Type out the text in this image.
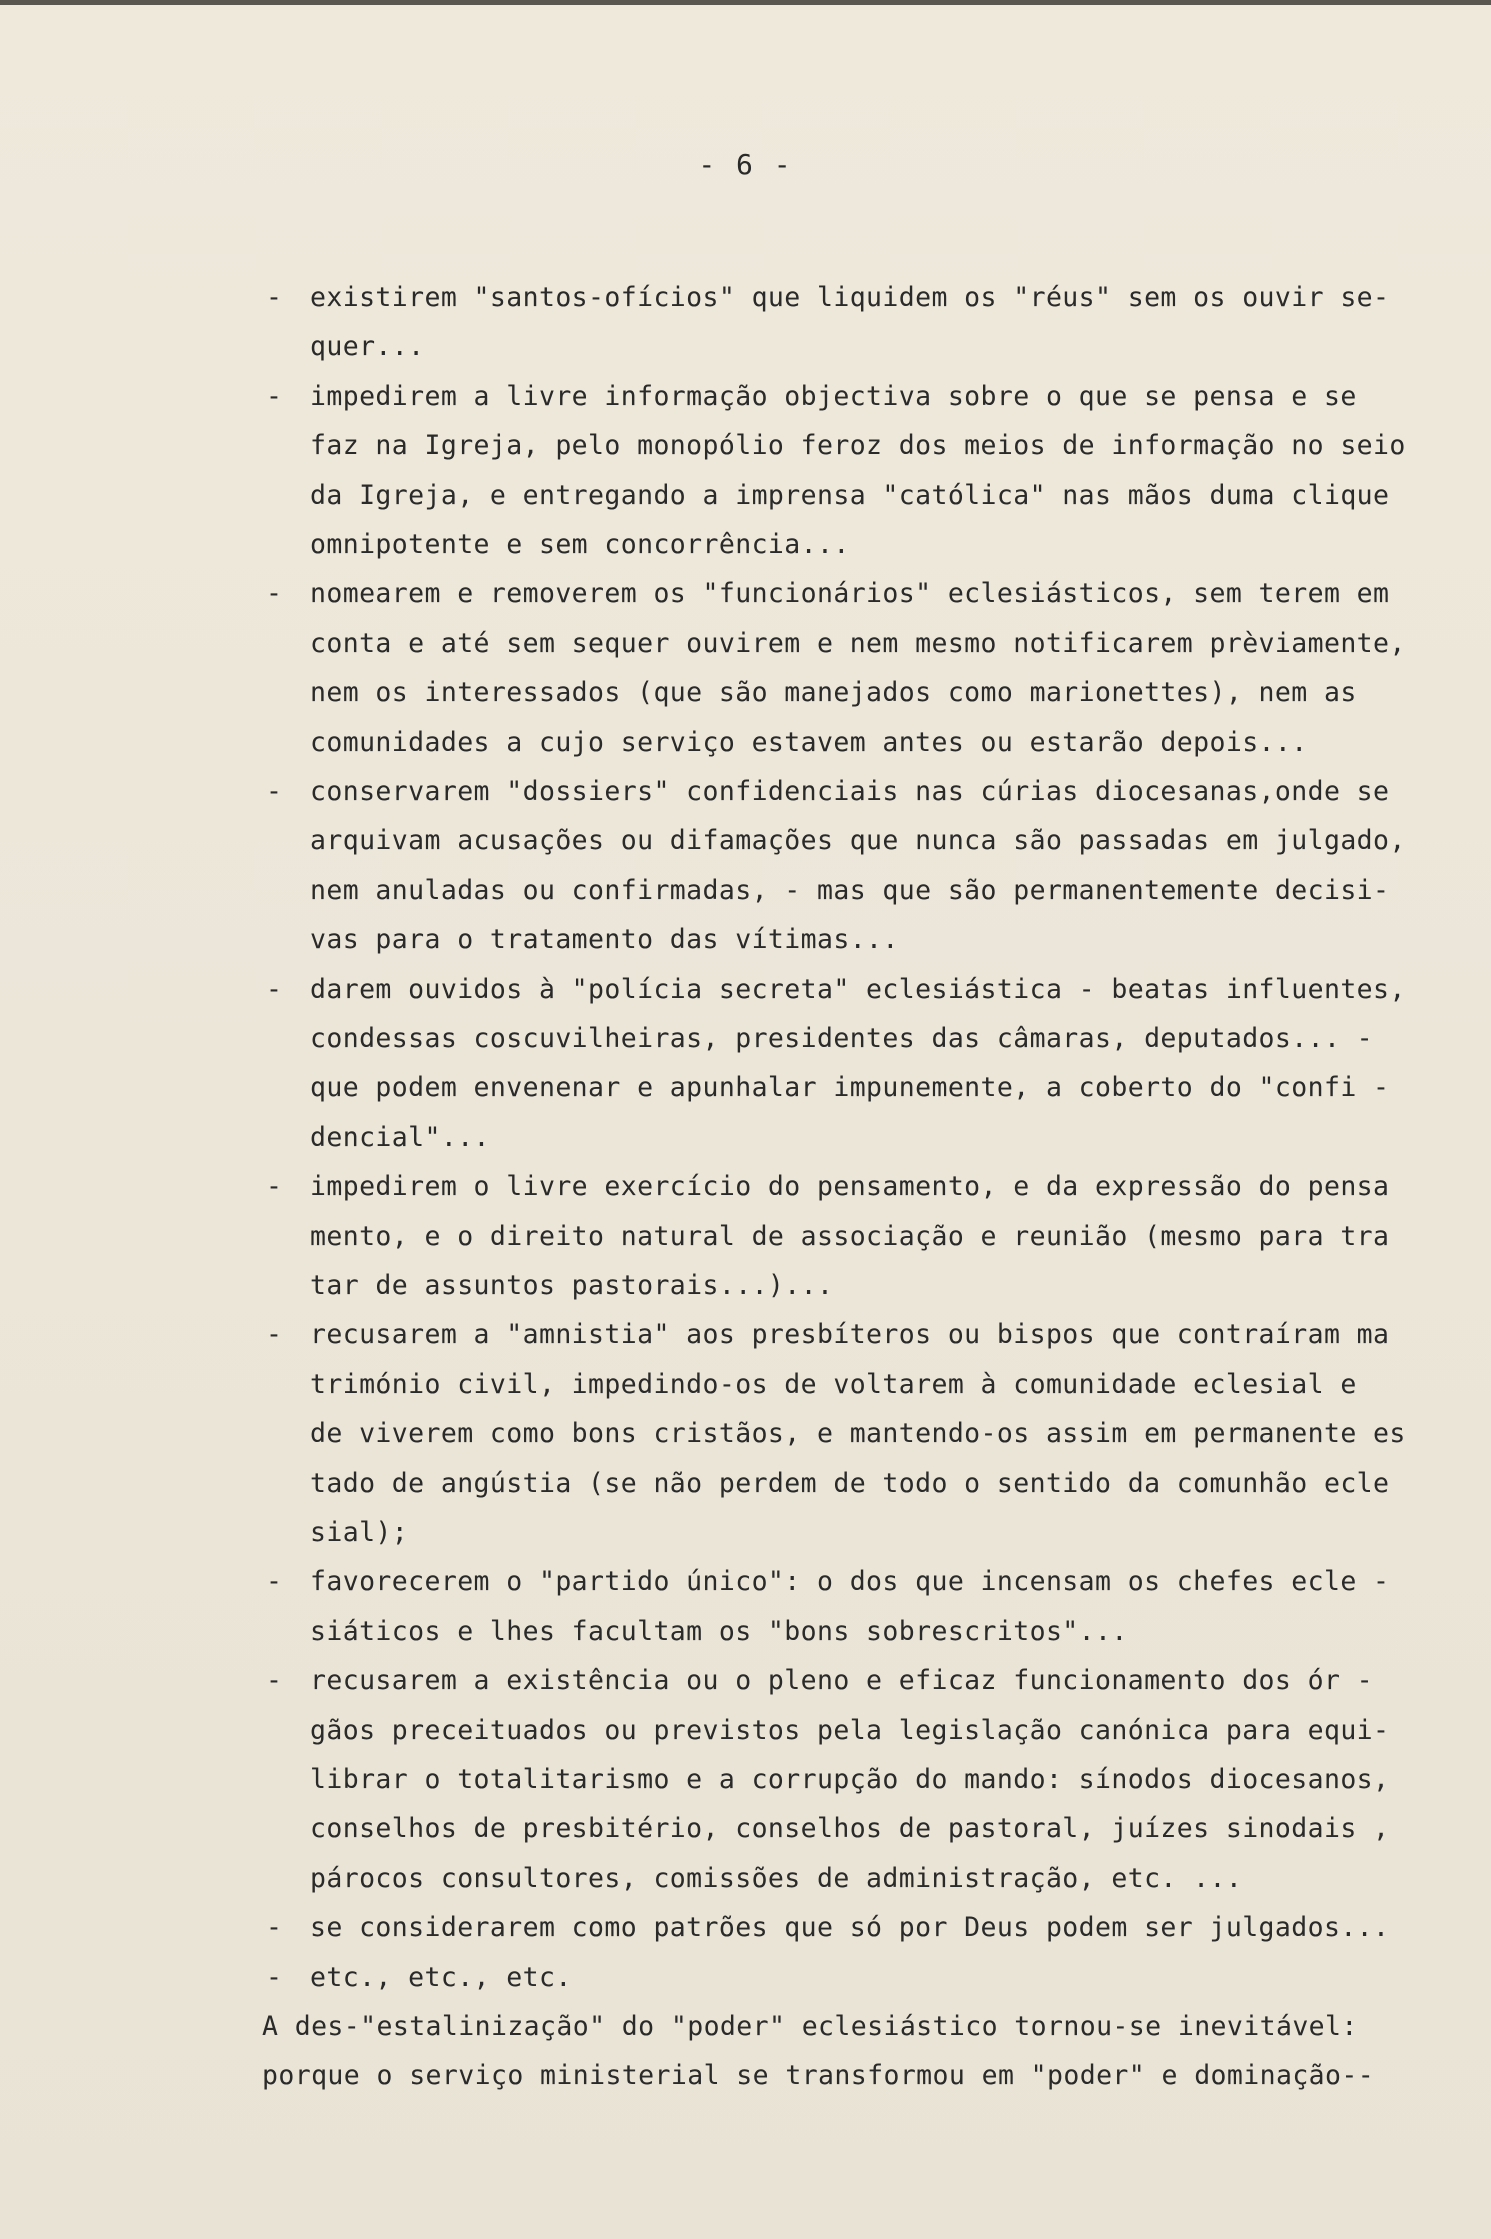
- 6 -
- existirem "santos-ofícios" que liquidem os "réus" sem os ouvir se-
quer...
- impedirem a livre informação objectiva sobre o que se pensa e se
faz na Igreja, pelo monopólio feroz dos meios de informação no seio
da Igreja, e entregando a imprensa "católica" nas mãos duma clique
omnipotente e sem concorrência...
- nomearem e removerem os "funcionários" eclesiásticos, sem terem em
conta e até sem sequer ouvirem e nem mesmo notificarem prèviamente,
nem os interessados (que são manejados como marionettes), nem as
comunidades a cujo serviço estavem antes ou estarão depois...
- conservarem "dossiers" confidenciais nas cúrias diocesanas,onde se
arquivam acusações ou difamações que nunca são passadas em julgado,
nem anuladas ou confirmadas, - mas que são permanentemente decisi-
vas para o tratamento das vítimas...
- darem ouvidos à "polícia secreta" eclesiástica - beatas influentes,
condessas coscuvilheiras, presidentes das câmaras, deputados... -
que podem envenenar e apunhalar impunemente, a coberto do "confi -
dencial"...
- impedirem o livre exercício do pensamento, e da expressão do pensa
mento, e o direito natural de associação e reunião (mesmo para tra
tar de assuntos pastorais...)...
- recusarem a "amnistia" aos presbíteros ou bispos que contraíram ma
trimónio civil, impedindo-os de voltarem à comunidade eclesial e
de viverem como bons cristãos, e mantendo-os assim em permanente es
tado de angústia (se não perdem de todo o sentido da comunhão ecle
sial);
- favorecerem o "partido único": o dos que incensam os chefes ecle -
siáticos e lhes facultam os "bons sobrescritos"...
- recusarem a existência ou o pleno e eficaz funcionamento dos ór -
gãos preceituados ou previstos pela legislação canónica para equi-
librar o totalitarismo e a corrupção do mando: sínodos diocesanos,
conselhos de presbitério, conselhos de pastoral, juízes sinodais ,
párocos consultores, comissões de administração, etc. ...
- se considerarem como patrões que só por Deus podem ser julgados...
- etc., etc., etc.
A des-"estalinização" do "poder" eclesiástico tornou-se inevitável:
porque o serviço ministerial se transformou em "poder" e dominação--
